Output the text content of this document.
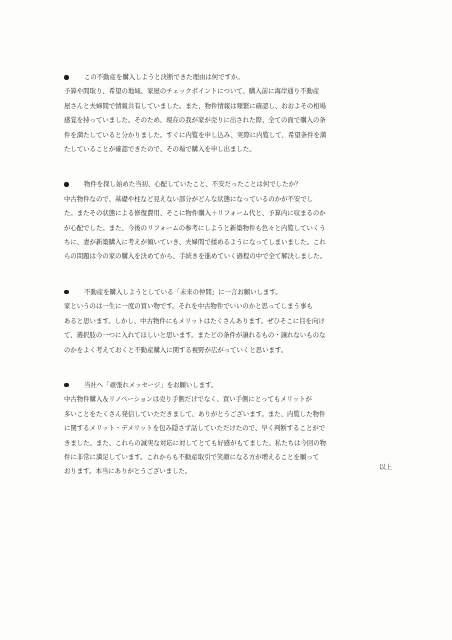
この不動産を購入しようと決断できた理由は何ですか。
予算や間取り、希望の地域、家屋のチェックポイントについて、購入前に海岸通り不動産
屋さんと夫婦間で情報共有していました。また、物件情報は頻繁に確認し、おおよその相場
感覚を持っていました。そのため、現在の我が家が売りに出された際、全ての面で購入の条
件を満たしていると分かりました。すぐに内覧を申し込み、実際に内覧して、希望条件を満
たしていることが確認できたので、その場で購入を申し出ました。
物件を探し始めた当初、心配していたこと、不安だったことは何でしたか？
中古物件なので、基礎や柱など見えない部分がどんな状態になっているのかが不安でし
た。またその状態による修復費用、そこに物件購入＋リフォーム代と、予算内に収まるのか
が心配でした。また、今後のリフォームの参考にしようと新築物件も色々と内覧していくう
ちに、妻が新築購入に考えが傾いていき、夫婦間で揉めるようになってしまいました。これ
らの問題は今の家の購入を決めてから、手続きを進めていく過程の中で全て解決しました。
不動産を購入しようとしている「未来の仲間」に一言お願いします。
家というのは一生に一度の買い物です。それを中古物件でいいのかと思ってしまう事も
あると思います。しかし、中古物件にもメリットはたくさんあります。ぜひそこに目を向け
て、選択肢の一つに入れてほしいと思います。またどの条件が譲れるもの・譲れないものな
のかをよく考えておくと不動産購入に関する視野が広がっていくと思います。
当社へ「頑張れメッセージ」をお願いします。
中古物件購入＆リノベーションは売り手側だけでなく、買い手側にとってもメリットが
多いことをたくさん発信していただきまして、ありがとうございます。また、内覧した物件
に関するメリット・デメリットを包み隠さず話していただけたので、早く判断することがで
きました。また、これらの誠実な対応に対してとても好感がもてました。私たちは今回の物
件に非常に満足しています。これからも不動産取引で笑顔になる方が増えることを願って
おります。本当にありがとうございました。
以上
